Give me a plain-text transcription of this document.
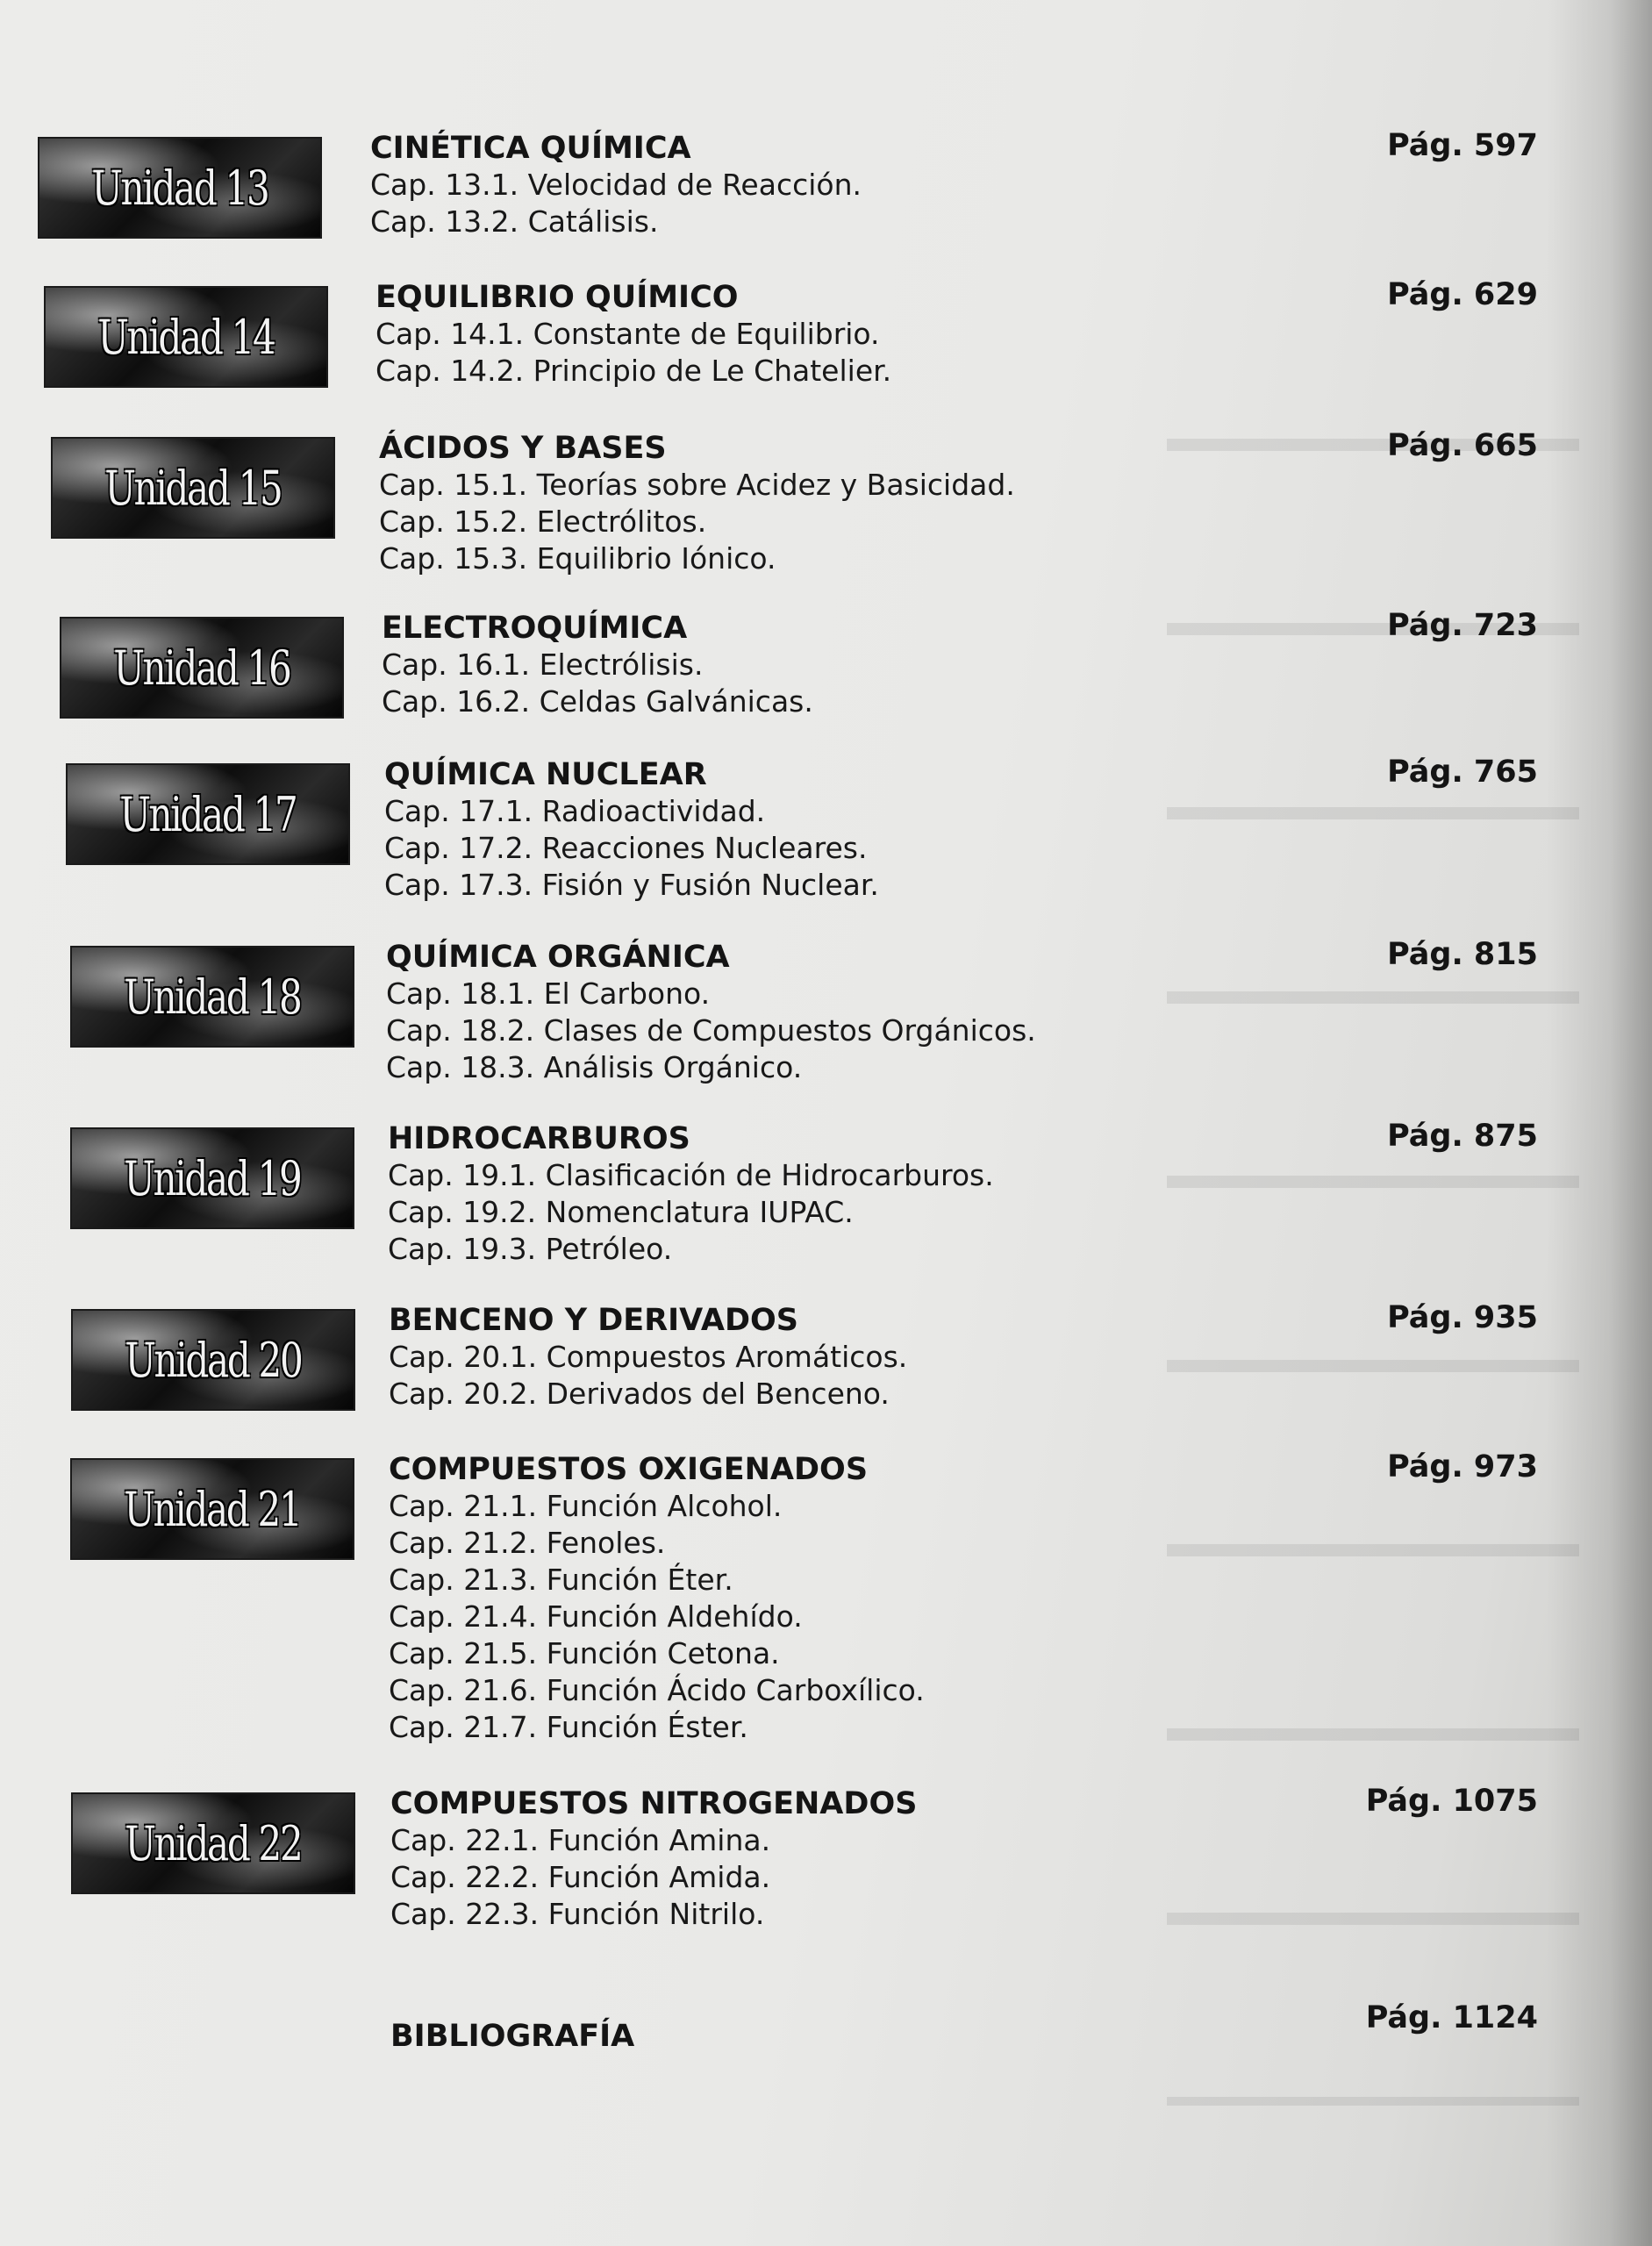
Unidad 13
CINÉTICA QUÍMICA
Cap. 13.1. Velocidad de Reacción.
Cap. 13.2. Catálisis.
Pág. 597
Unidad 14
EQUILIBRIO QUÍMICO
Cap. 14.1. Constante de Equilibrio.
Cap. 14.2. Principio de Le Chatelier.
Pág. 629
Unidad 15
ÁCIDOS Y BASES
Cap. 15.1. Teorías sobre Acidez y Basicidad.
Cap. 15.2. Electrólitos.
Cap. 15.3. Equilibrio Iónico.
Pág. 665
Unidad 16
ELECTROQUÍMICA
Cap. 16.1. Electrólisis.
Cap. 16.2. Celdas Galvánicas.
Pág. 723
Unidad 17
QUÍMICA NUCLEAR
Cap. 17.1. Radioactividad.
Cap. 17.2. Reacciones Nucleares.
Cap. 17.3. Fisión y Fusión Nuclear.
Pág. 765
Unidad 18
QUÍMICA ORGÁNICA
Cap. 18.1. El Carbono.
Cap. 18.2. Clases de Compuestos Orgánicos.
Cap. 18.3. Análisis Orgánico.
Pág. 815
Unidad 19
HIDROCARBUROS
Cap. 19.1. Clasificación de Hidrocarburos.
Cap. 19.2. Nomenclatura IUPAC.
Cap. 19.3. Petróleo.
Pág. 875
Unidad 20
BENCENO Y DERIVADOS
Cap. 20.1. Compuestos Aromáticos.
Cap. 20.2. Derivados del Benceno.
Pág. 935
Unidad 21
COMPUESTOS OXIGENADOS
Cap. 21.1. Función Alcohol.
Cap. 21.2. Fenoles.
Cap. 21.3. Función Éter.
Cap. 21.4. Función Aldehído.
Cap. 21.5. Función Cetona.
Cap. 21.6. Función Ácido Carboxílico.
Cap. 21.7. Función Éster.
Pág. 973
Unidad 22
COMPUESTOS NITROGENADOS
Cap. 22.1. Función Amina.
Cap. 22.2. Función Amida.
Cap. 22.3. Función Nitrilo.
Pág. 1075
BIBLIOGRAFÍA
Pág. 1124
